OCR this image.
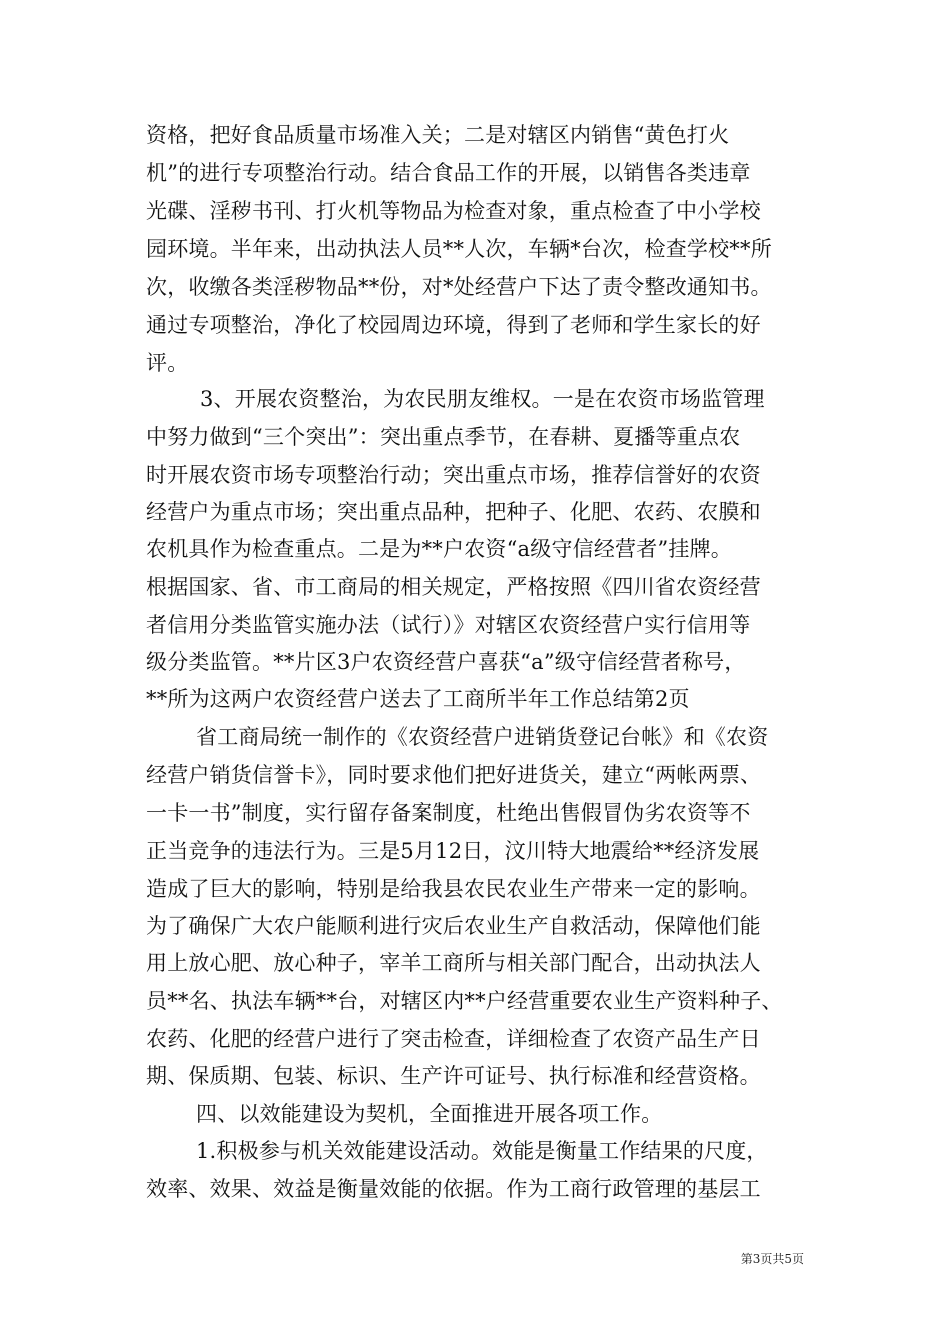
资格，把好食品质量市场准入关；二是对辖区内销售“黄色打火
机”的进行专项整治行动。结合食品工作的开展，以销售各类违章
光碟、淫秽书刊、打火机等物品为检查对象，重点检查了中小学校
园环境。半年来，出动执法人员**人次，车辆*台次，检查学校**所
次，收缴各类淫秽物品**份，对*处经营户下达了责令整改通知书。
通过专项整治，净化了校园周边环境，得到了老师和学生家长的好
评。
3、开展农资整治，为农民朋友维权。一是在农资市场监管理
中努力做到“三个突出”：突出重点季节，在春耕、夏播等重点农
时开展农资市场专项整治行动；突出重点市场，推荐信誉好的农资
经营户为重点市场；突出重点品种，把种子、化肥、农药、农膜和
农机具作为检查重点。二是为**户农资“a级守信经营者”挂牌。
根据国家、省、市工商局的相关规定，严格按照《四川省农资经营
者信用分类监管实施办法（试行）》对辖区农资经营户实行信用等
级分类监管。**片区3户农资经营户喜获“a”级守信经营者称号，
**所为这两户农资经营户送去了工商所半年工作总结第2页
省工商局统一制作的《农资经营户进销货登记台帐》和《农资
经营户销货信誉卡》，同时要求他们把好进货关，建立“两帐两票、
一卡一书”制度，实行留存备案制度，杜绝出售假冒伪劣农资等不
正当竞争的违法行为。三是5月12日，汶川特大地震给**经济发展
造成了巨大的影响，特别是给我县农民农业生产带来一定的影响。
为了确保广大农户能顺利进行灾后农业生产自救活动，保障他们能
用上放心肥、放心种子，宰羊工商所与相关部门配合，出动执法人
员**名、执法车辆**台，对辖区内**户经营重要农业生产资料种子、
农药、化肥的经营户进行了突击检查，详细检查了农资产品生产日
期、保质期、包装、标识、生产许可证号、执行标准和经营资格。
四、以效能建设为契机，全面推进开展各项工作。
1.积极参与机关效能建设活动。效能是衡量工作结果的尺度，
效率、效果、效益是衡量效能的依据。作为工商行政管理的基层工
第3页共5页
